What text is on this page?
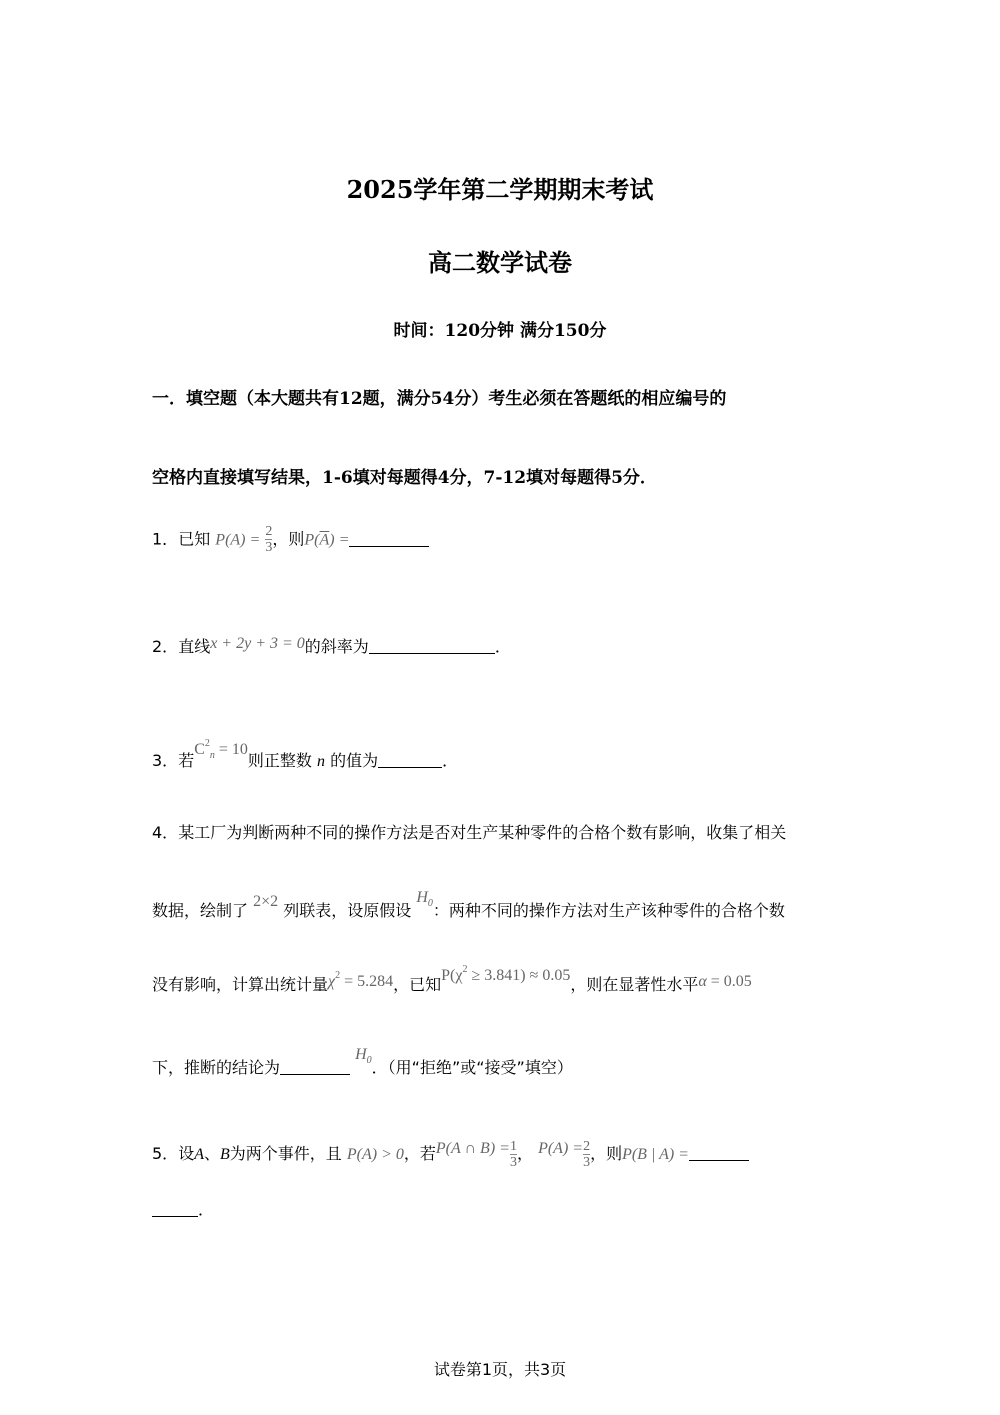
2025学年第二学期期末考试
高二数学试卷
时间：120分钟 满分150分
一．填空题（本大题共有12题，满分54分）考生必须在答题纸的相应编号的
空格内直接填写结果，1-6填对每题得4分，7-12填对每题得5分．
1．已知 $P(A) = \frac{2}{3}$ ，则$P(\overline{A})$ =
2．直线x + 2y + 3 = 0的斜率为	．
3．若$C^2_n = 10$则正整数 n 的值为	．
4．某工厂为判断两种不同的操作方法是否对生产某种零件的合格个数有影响，收集了相关
数据，绘制了 2×2 列联表，设原假设 $H_0$：两种不同的操作方法对生产该种零件的合格个数
没有影响，计算出统计量$\chi^2 = 5.284$，已知$P(\chi^2 \ge 3.841) \approx 0.05$，则在显著性水平α = 0.05
下，推断的结论为 $H_0$．（用“拒绝”或“接受”填空）
5．设A、B为两个事件，且 P(A) > 0，若P(A ∩ $B) = \frac{1}{3}$ ， $P(A) = \frac{2}{3}$ ，则P(B | A) =
．
试卷第1页，共3页
